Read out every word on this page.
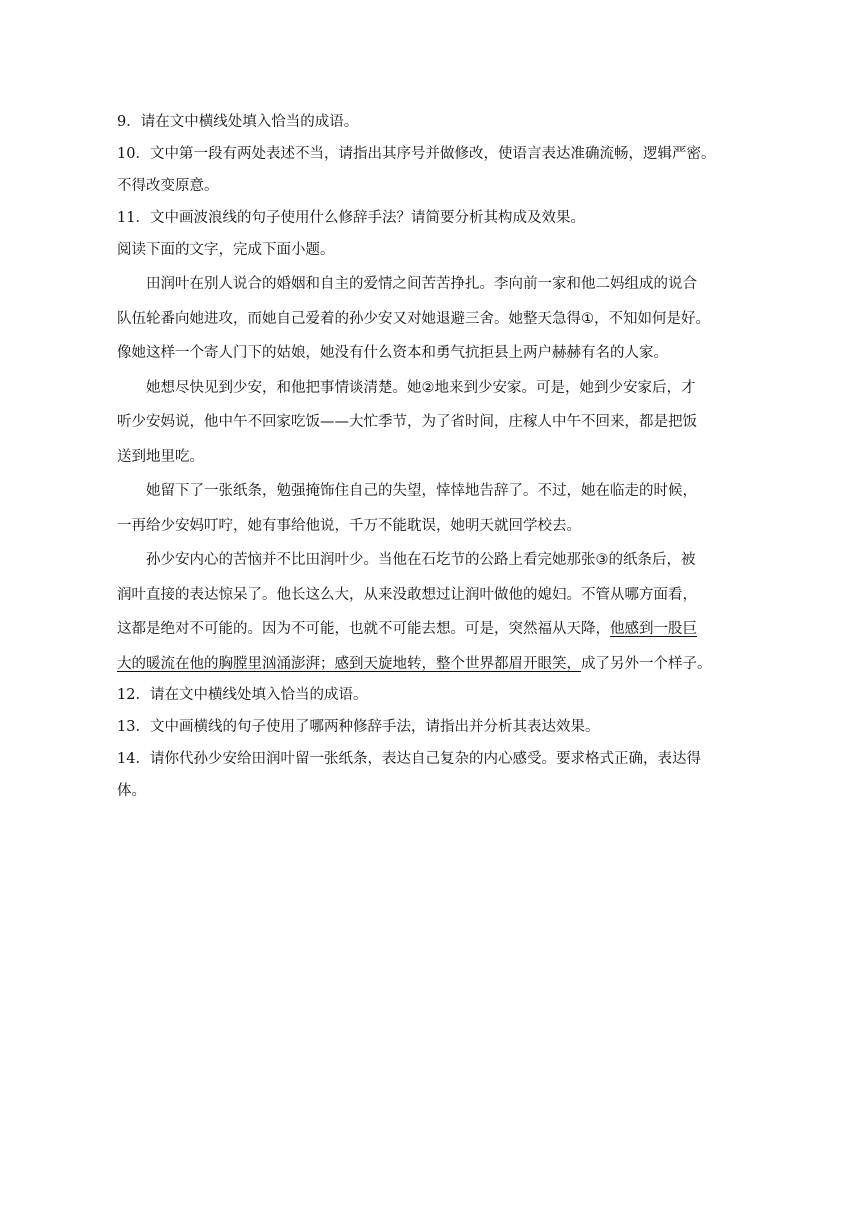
9．请在文中横线处填入恰当的成语。
10．文中第一段有两处表述不当，请指出其序号并做修改，使语言表达准确流畅，逻辑严密。
不得改变原意。
11．文中画波浪线的句子使用什么修辞手法？请简要分析其构成及效果。
阅读下面的文字，完成下面小题。
田润叶在别人说合的婚姻和自主的爱情之间苦苦挣扎。李向前一家和他二妈组成的说合
队伍轮番向她进攻，而她自己爱着的孙少安又对她退避三舍。她整天急得①，不知如何是好。
像她这样一个寄人门下的姑娘，她没有什么资本和勇气抗拒县上两户赫赫有名的人家。
她想尽快见到少安，和他把事情谈清楚。她②地来到少安家。可是，她到少安家后，才
听少安妈说，他中午不回家吃饭——大忙季节，为了省时间，庄稼人中午不回来，都是把饭
送到地里吃。
她留下了一张纸条，勉强掩饰住自己的失望，悻悻地告辞了。不过，她在临走的时候，
一再给少安妈叮咛，她有事给他说，千万不能耽误，她明天就回学校去。
孙少安内心的苦恼并不比田润叶少。当他在石圪节的公路上看完她那张③的纸条后，被
润叶直接的表达惊呆了。他长这么大，从来没敢想过让润叶做他的媳妇。不管从哪方面看，
这都是绝对不可能的。因为不可能，也就不可能去想。可是，突然福从天降，他感到一股巨
大的暖流在他的胸膛里汹涌澎湃；感到天旋地转，整个世界都眉开眼笑，成了另外一个样子。
12．请在文中横线处填入恰当的成语。
13．文中画横线的句子使用了哪两种修辞手法，请指出并分析其表达效果。
14．请你代孙少安给田润叶留一张纸条，表达自己复杂的内心感受。要求格式正确，表达得
体。
